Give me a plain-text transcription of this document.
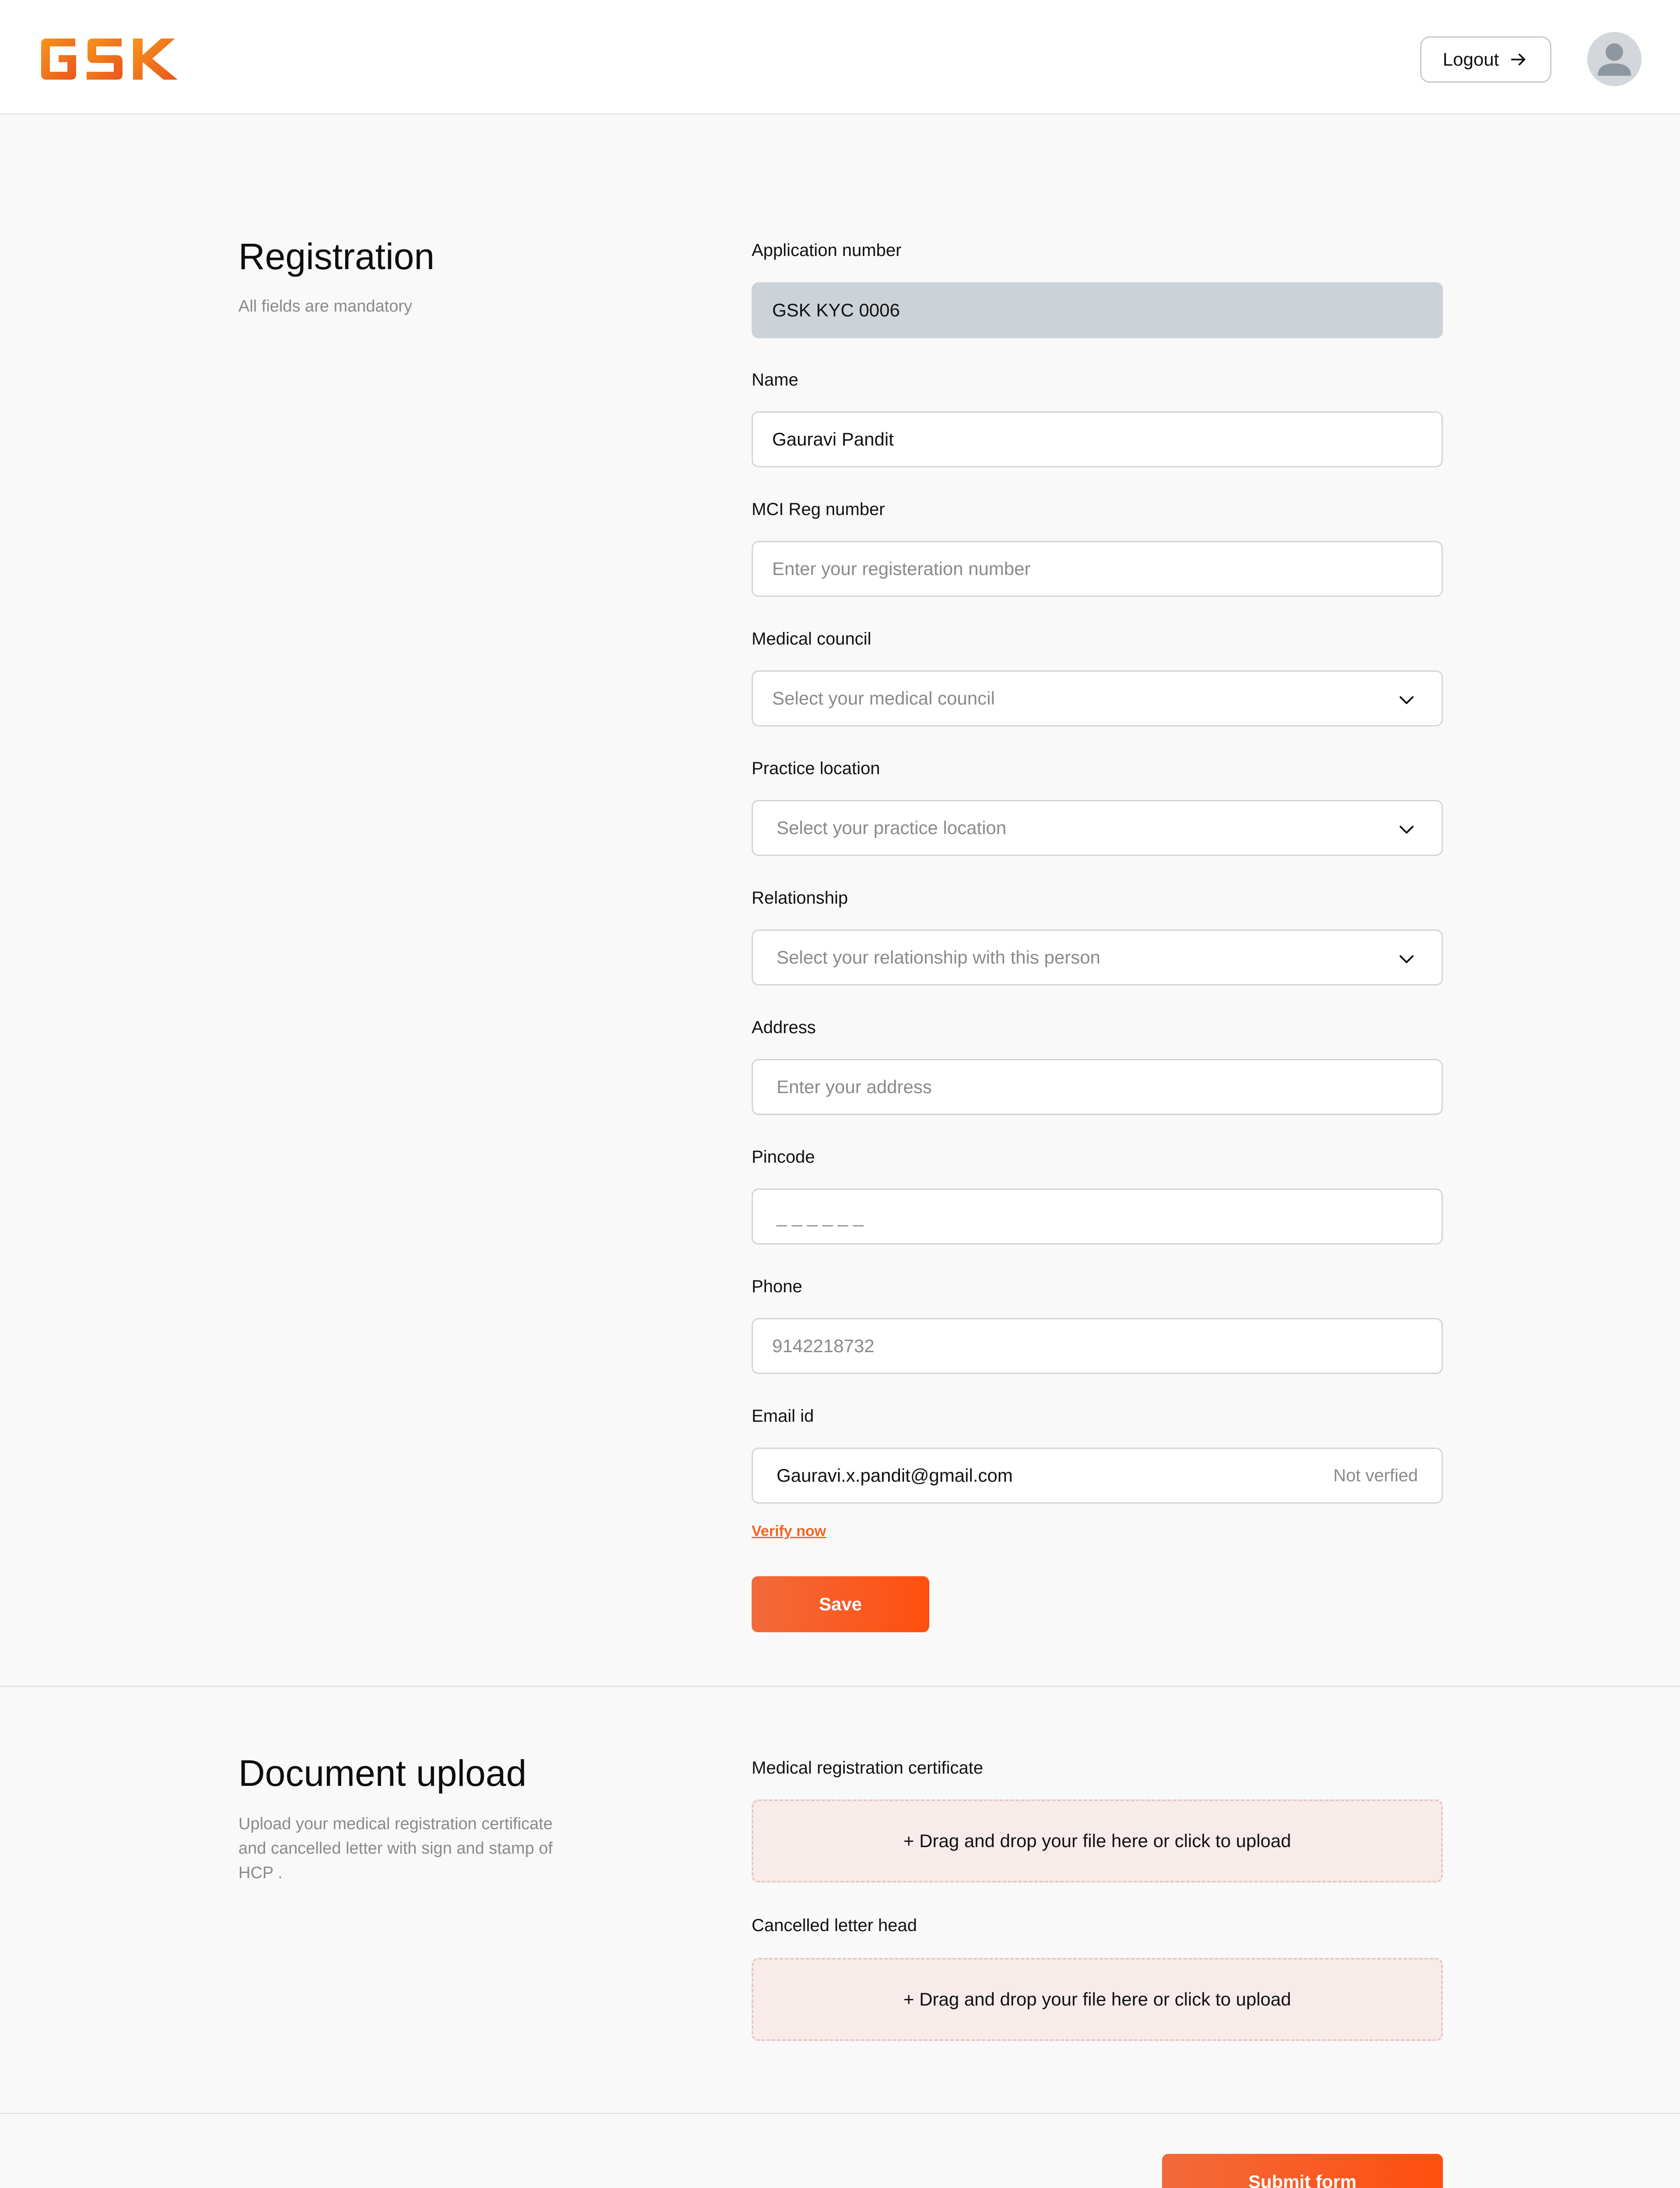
Logout
Registration
All fields are mandatory
Application number
GSK KYC 0006
Name
Gauravi Pandit
MCI Reg number
Enter your registeration number
Medical council
Select your medical council
Practice location
Select your practice location
Relationship
Select your relationship with this person
Address
Enter your address
Pincode
_ _ _ _ _ _
Phone
9142218732
Email id
Gauravi.x.pandit@gmail.com	Not verfied
Verify now
Save
Document upload
Upload your medical registration certificate and cancelled letter with sign and stamp of HCP .
Medical registration certificate
+ Drag and drop your file here or click to upload
Cancelled letter head
+ Drag and drop your file here or click to upload
Submit form
